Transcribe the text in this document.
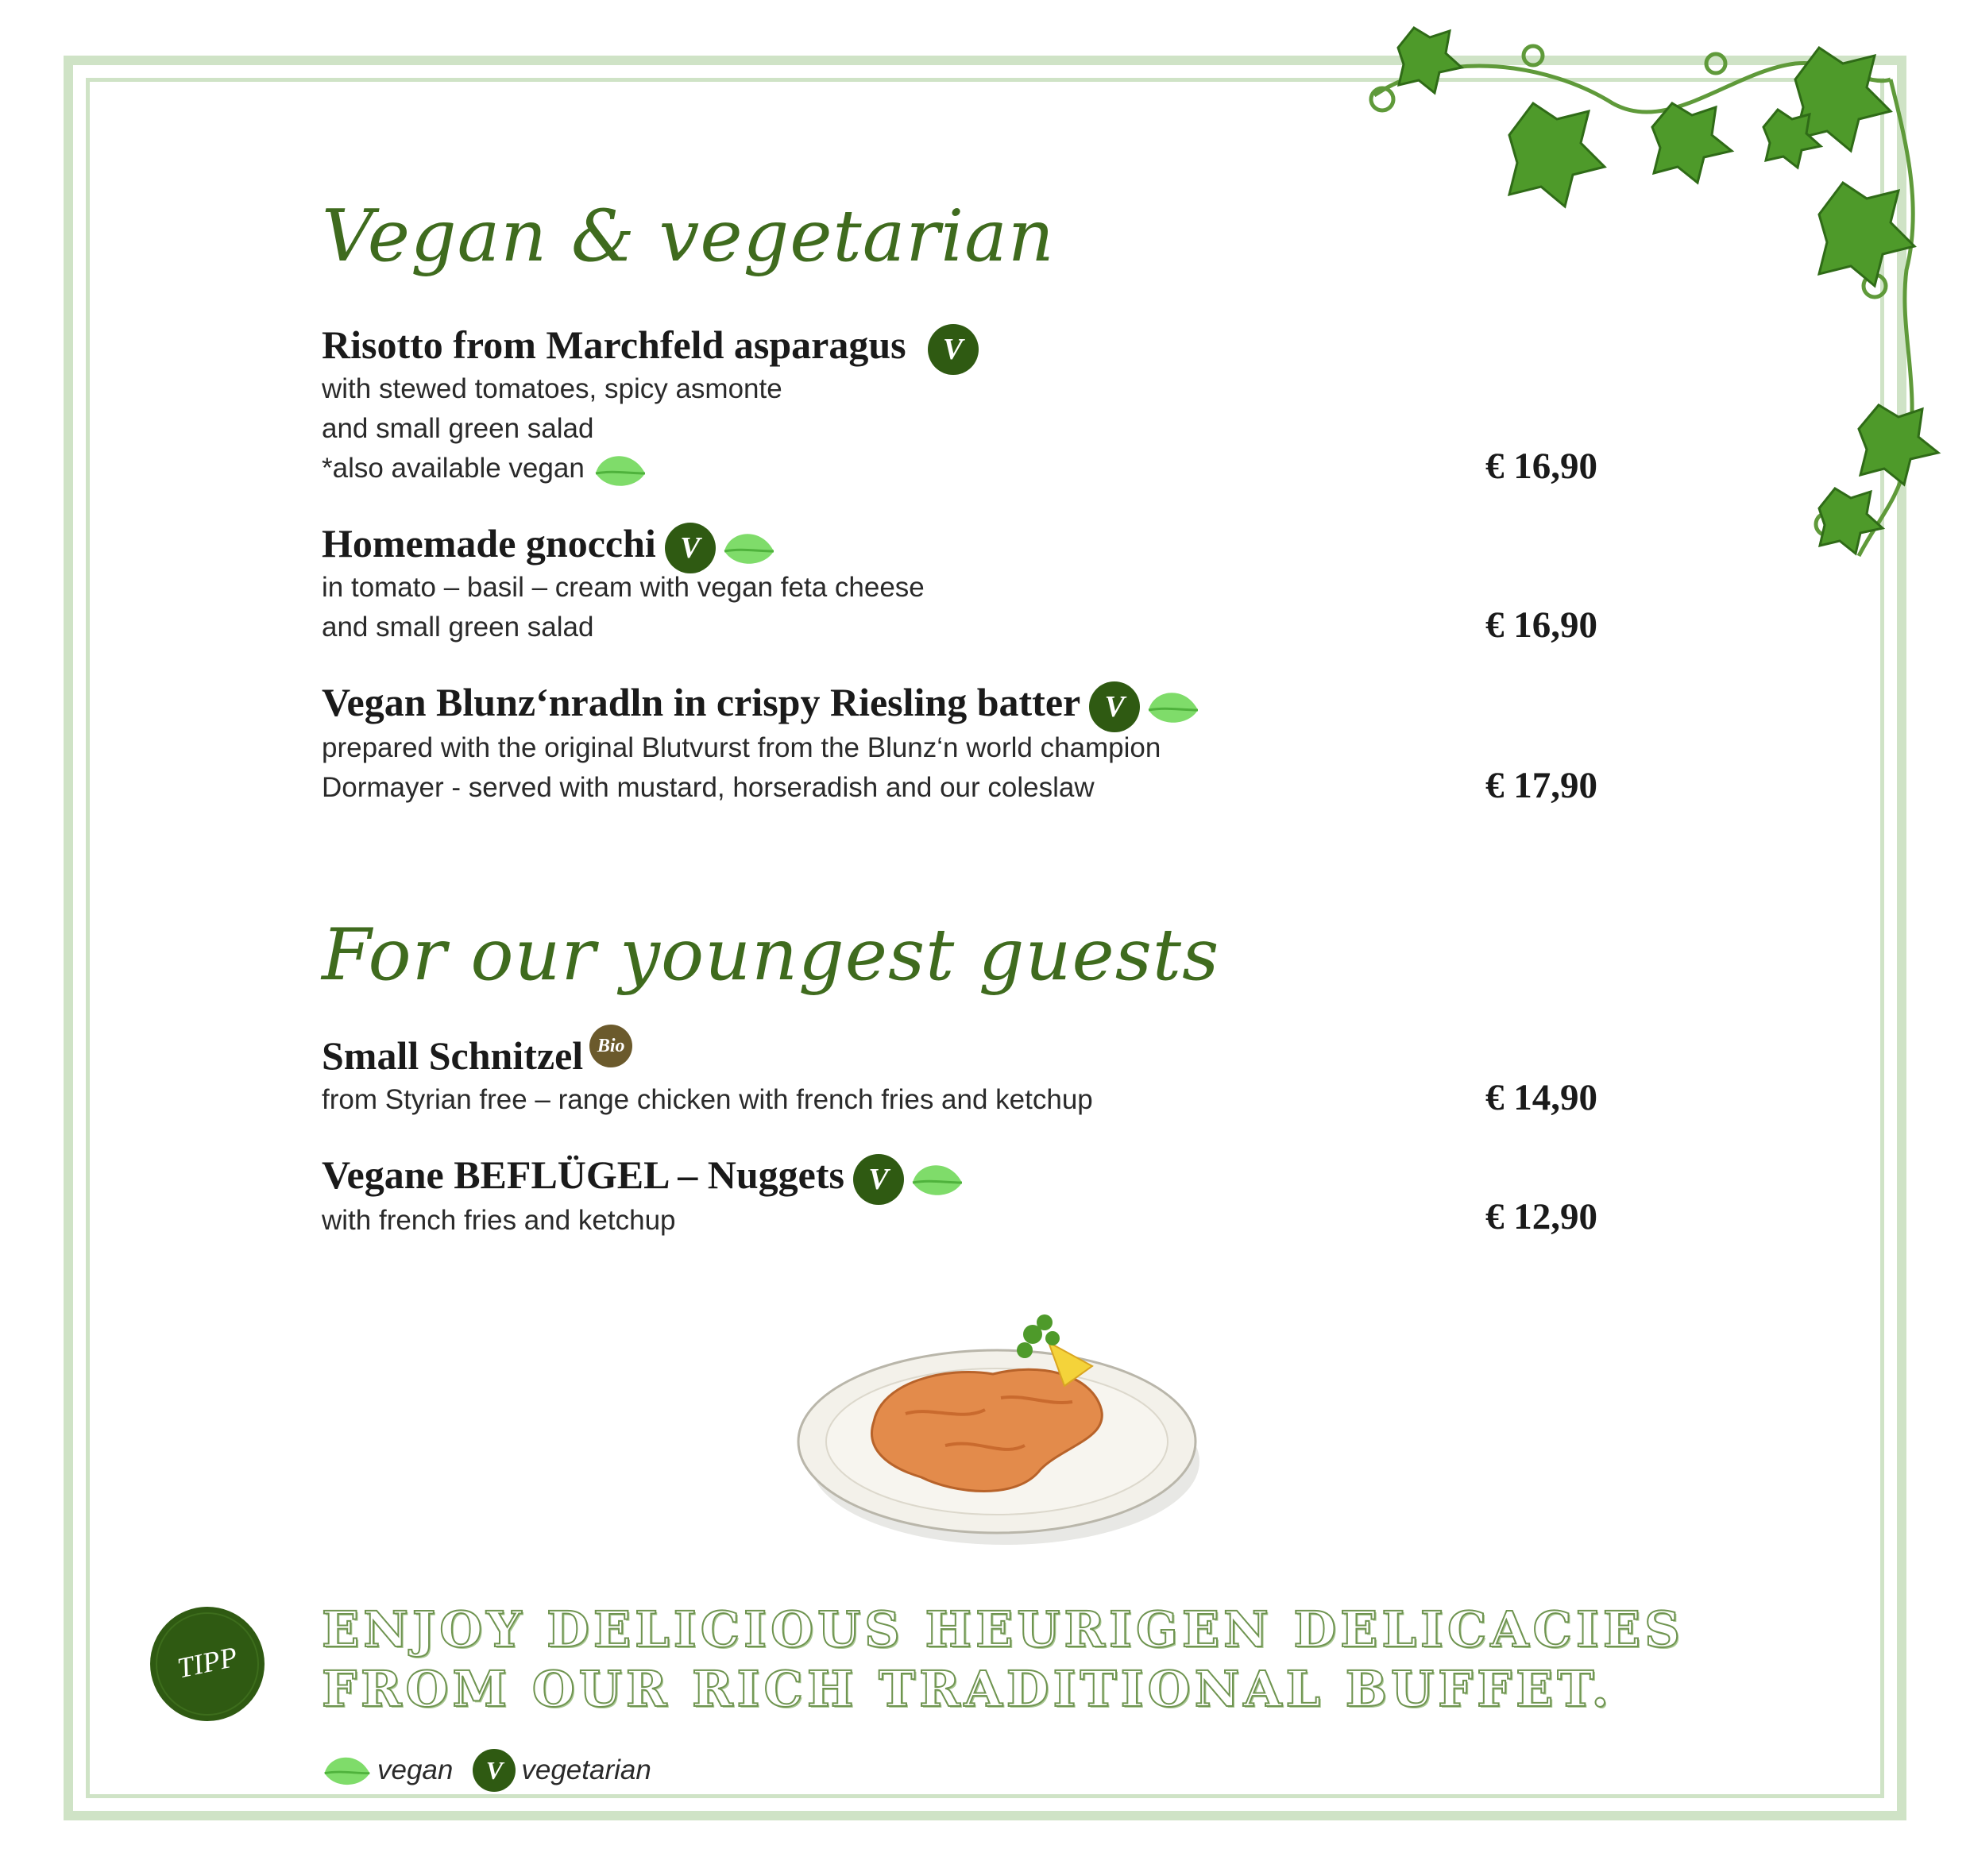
Vegan & vegetarian
Risotto from Marchfeld asparagus V
with stewed tomatoes, spicy asmonte
and small green salad
*also available vegan	€ 16,90
Homemade gnocchi V
in tomato – basil – cream with vegan feta cheese
and small green salad	€ 16,90
Vegan Blunz‘nradln in crispy Riesling batter V
prepared with the original Blutvurst from the Blunz‘n world champion
Dormayer - served with mustard, horseradish and our coleslaw	€ 17,90
For our youngest guests
Small Schnitzel Bio
from Styrian free – range chicken with french fries and ketchup	€ 14,90
Vegane BEFLÜGEL – Nuggets V
with french fries and ketchup	€ 12,90
TIPP
ENJOY DELICIOUS HEURIGEN DELICACIES
FROM OUR RICH TRADITIONAL BUFFET.
vegan	V vegetarian
